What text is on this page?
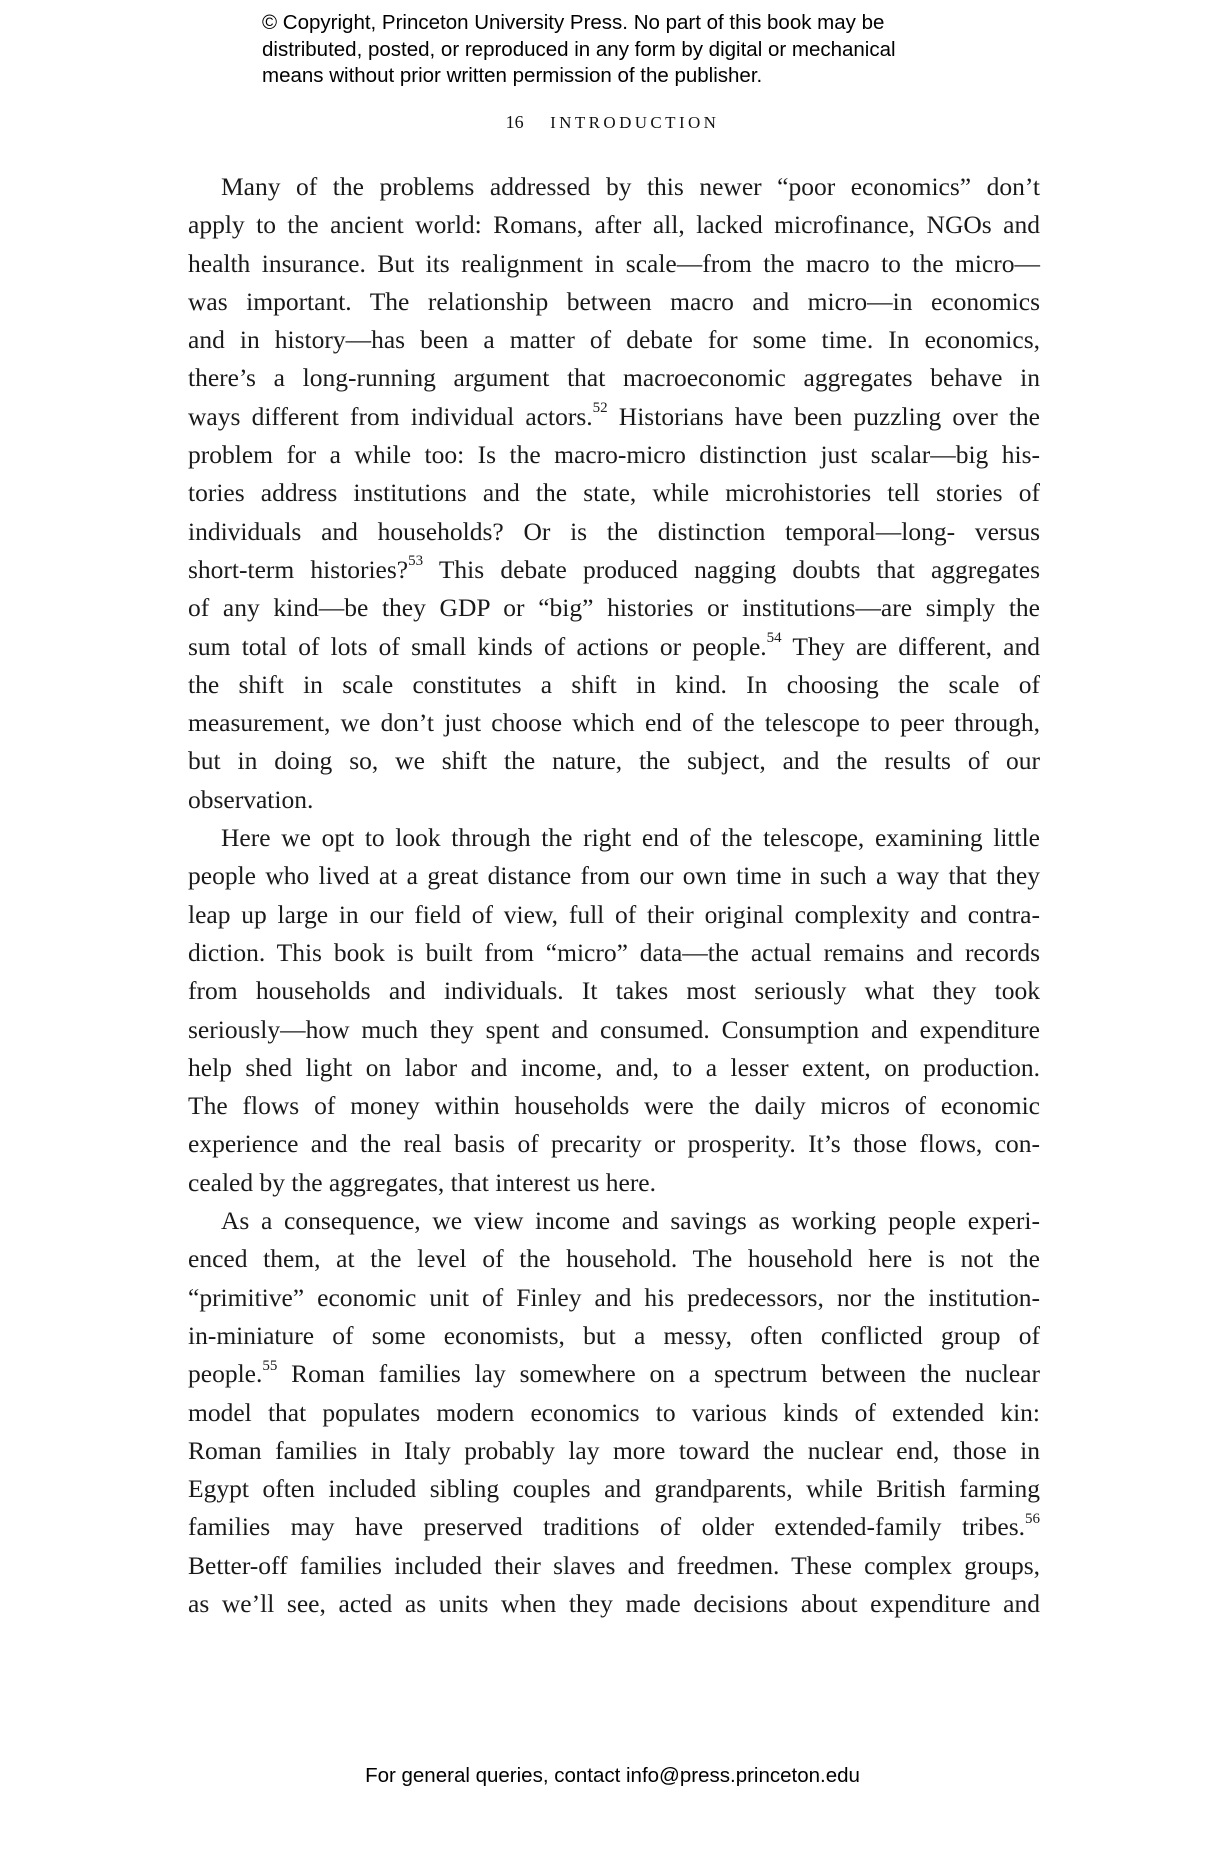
© Copyright, Princeton University Press. No part of this book may be
distributed, posted, or reproduced in any form by digital or mechanical
means without prior written permission of the publisher.
16 INTRODUCTION
Many of the problems addressed by this newer “poor economics” don’t
apply to the ancient world: Romans, after all, lacked microfinance, NGOs and
health insurance. But its realignment in scale—from the macro to the micro—
was important. The relationship between macro and micro—in economics
and in history—has been a matter of debate for some time. In economics,
there’s a long-running argument that macroeconomic aggregates behave in
ways different from individual actors.$^{52}$ Historians have been puzzling over the
problem for a while too: Is the macro-micro distinction just scalar—big his-
tories address institutions and the state, while microhistories tell stories of
individuals and households? Or is the distinction temporal—long- versus
short-term histories?$^{53}$ This debate produced nagging doubts that aggregates
of any kind—be they GDP or “big” histories or institutions—are simply the
sum total of lots of small kinds of actions or people.$^{54}$ They are different, and
the shift in scale constitutes a shift in kind. In choosing the scale of
measurement, we don’t just choose which end of the telescope to peer through,
but in doing so, we shift the nature, the subject, and the results of our
observation.
Here we opt to look through the right end of the telescope, examining little
people who lived at a great distance from our own time in such a way that they
leap up large in our field of view, full of their original complexity and contra-
diction. This book is built from “micro” data—the actual remains and records
from households and individuals. It takes most seriously what they took
seriously—how much they spent and consumed. Consumption and expenditure
help shed light on labor and income, and, to a lesser extent, on production.
The flows of money within households were the daily micros of economic
experience and the real basis of precarity or prosperity. It’s those flows, con-
cealed by the aggregates, that interest us here.
As a consequence, we view income and savings as working people experi-
enced them, at the level of the household. The household here is not the
“primitive” economic unit of Finley and his predecessors, nor the institution-
in-miniature of some economists, but a messy, often conflicted group of
people.$^{55}$ Roman families lay somewhere on a spectrum between the nuclear
model that populates modern economics to various kinds of extended kin:
Roman families in Italy probably lay more toward the nuclear end, those in
Egypt often included sibling couples and grandparents, while British farming
families may have preserved traditions of older extended-family tribes.$^{56}$
Better-off families included their slaves and freedmen. These complex groups,
as we’ll see, acted as units when they made decisions about expenditure and
For general queries, contact info@press.princeton.edu
